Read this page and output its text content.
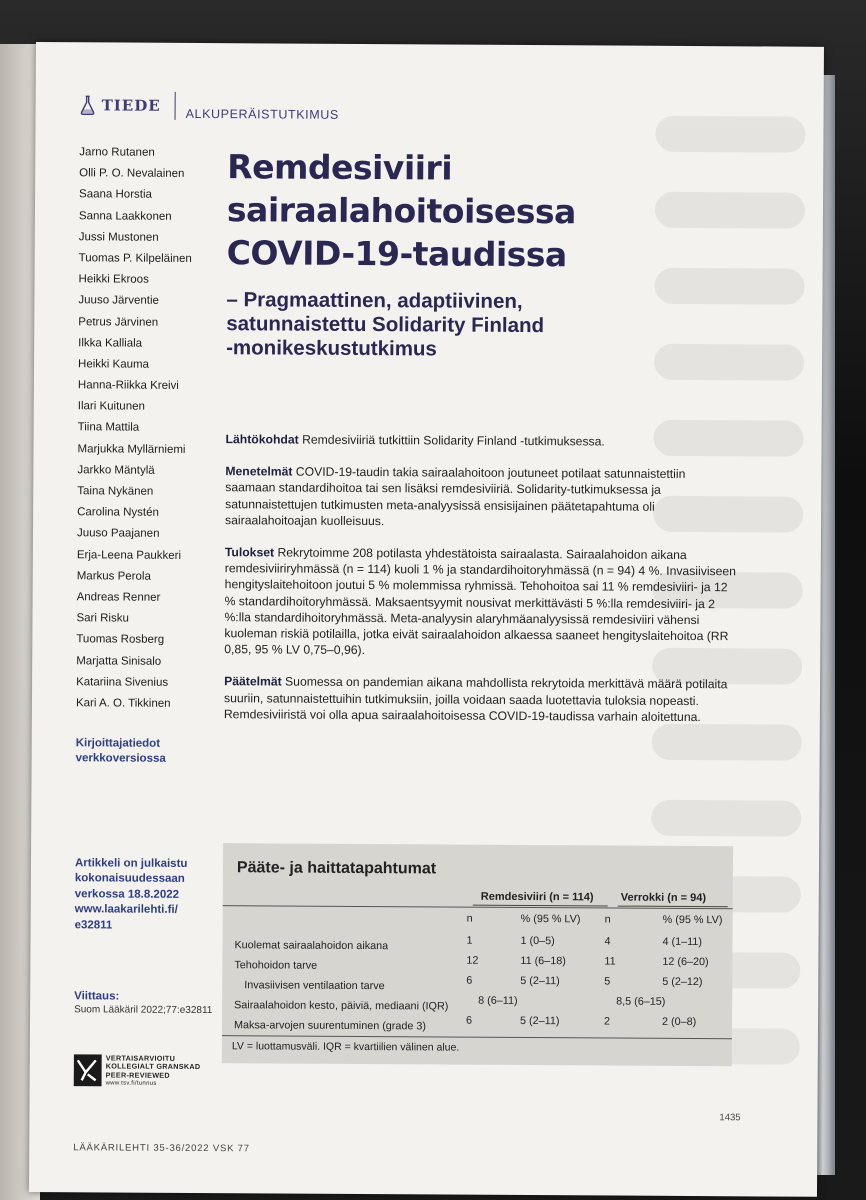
TIEDE ALKUPERÄISTUTKIMUS
Jarno Rutanen
Olli P. O. Nevalainen
Saana Horstia
Sanna Laakkonen
Jussi Mustonen
Tuomas P. Kilpeläinen
Heikki Ekroos
Juuso Järventie
Petrus Järvinen
Ilkka Kalliala
Heikki Kauma
Hanna-Riikka Kreivi
Ilari Kuitunen
Tiina Mattila
Marjukka Myllärniemi
Jarkko Mäntylä
Taina Nykänen
Carolina Nystén
Juuso Paajanen
Erja-Leena Paukkeri
Markus Perola
Andreas Renner
Sari Risku
Tuomas Rosberg
Marjatta Sinisalo
Katariina Sivenius
Kari A. O. Tikkinen
Kirjoittajatiedot
verkkoversiossa
Artikkeli on julkaistu
kokonaisuudessaan
verkossa 18.8.2022
www.laakarilehti.fi/
e32811
Viittaus:
Suom Lääkäril 2022;77:e32811
VERTAISARVIOITU
KOLLEGIALT GRANSKAD
PEER-REVIEWED
www.tsv.fi/tunnus
Remdesiviiri
sairaalahoitoisessa
COVID-19-taudissa
– Pragmaattinen, adaptiivinen,
satunnaistettu Solidarity Finland
-monikeskustutkimus

Lähtökohdat Remdesiviiriä tutkittiin Solidarity Finland -tutkimuksessa.

Menetelmät COVID-19-taudin takia sairaalahoitoon joutuneet potilaat satunnaistettiin saamaan standardihoitoa tai sen lisäksi remdesiviiriä. Solidarity-tutkimuksessa ja satunnaistettujen tutkimusten meta-analyysissä ensisijainen päätetapahtuma oli sairaalahoitoajan kuolleisuus.

Tulokset Rekrytoimme 208 potilasta yhdestätoista sairaalasta. Sairaalahoidon aikana remdesiviiriryhmässä (n = 114) kuoli 1 % ja standardihoitoryhmässä (n = 94) 4 %. Invasiiviseen hengityslaitehoitoon joutui 5 % molemmissa ryhmissä. Tehohoitoa sai 11 % remdesiviiri- ja 12 % standardihoitoryhmässä. Maksaentsyymit nousivat merkittävästi 5 %:lla remdesiviiri- ja 2 %:lla standardihoitoryhmässä. Meta-analyysin alaryhmäanalyysissä remdesiviiri vähensi kuoleman riskiä potilailla, jotka eivät sairaalahoidon alkaessa saaneet hengityslaitehoitoa (RR 0,85, 95 % LV 0,75–0,96).

Päätelmät Suomessa on pandemian aikana mahdollista rekrytoida merkittävä määrä potilaita suuriin, satunnaistettuihin tutkimuksiin, joilla voidaan saada luotettavia tuloksia nopeasti. Remdesiviiristä voi olla apua sairaalahoitoisessa COVID-19-taudissa varhain aloitettuna.

Pääte- ja haittatapahtumat
Remdesiviiri (n = 114) Verrokki (n = 94)
n	% (95 % LV) n	% (95 % LV)
Kuolemat sairaalahoidon aikana	1	1 (0–5)	4	4 (1–11)
Tehohoidon tarve	12	11 (6–18)	11	12 (6–20)
Invasiivisen ventilaation tarve	6	5 (2–11)	5	5 (2–12)
Sairaalahoidon kesto, päiviä, mediaani (IQR)	8 (6–11)	8,5 (6–15)
Maksa-arvojen suurentuminen (grade 3)	6	5 (2–11)	2	2 (0–8)
LV = luottamusväli. IQR = kvartiilien välinen alue.
1435
LÄÄKÄRILEHTI 35-36/2022 VSK 77
